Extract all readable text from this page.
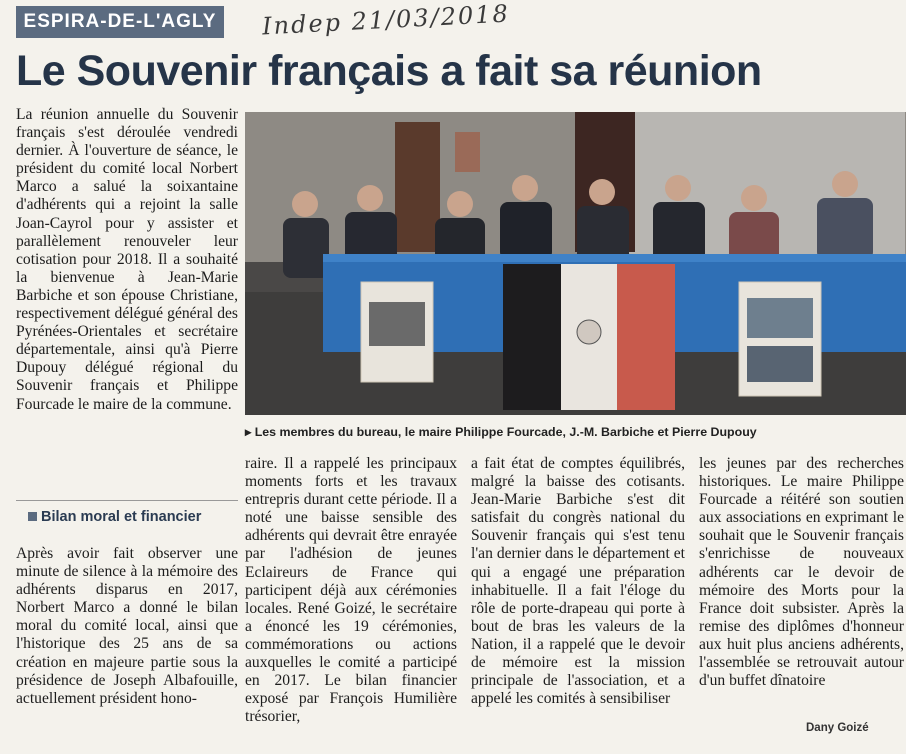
ESPIRA-DE-L'AGLY	Indep 21/03/2018
Le Souvenir français a fait sa réunion
La réunion annuelle du Souvenir français s'est déroulée vendredi dernier. À l'ouverture de séance, le président du comité local Norbert Marco a salué la soixantaine d'adhérents qui a rejoint la salle Joan-Cayrol pour y assister et parallèlement renouveler leur cotisation pour 2018. Il a souhaité la bienvenue à Jean-Marie Barbiche et son épouse Christiane, respectivement délégué général des Pyrénées-Orientales et secrétaire départementale, ainsi qu'à Pierre Dupouy délégué régional du Souvenir français et Philippe Fourcade le maire de la commune.
Bilan moral et financier
Après avoir fait observer une minute de silence à la mémoire des adhérents disparus en 2017, Norbert Marco a donné le bilan moral du comité local, ainsi que l'historique des 25 ans de sa création en majeure partie sous la présidence de Joseph Albafouille, actuellement président hono-
▸ Les membres du bureau, le maire Philippe Fourcade, J.-M. Barbiche et Pierre Dupouy
raire. Il a rappelé les principaux moments forts et les travaux entrepris durant cette période. Il a noté une baisse sensible des adhérents qui devrait être enrayée par l'adhésion de jeunes Eclaireurs de France qui participent déjà aux cérémonies locales. René Goizé, le secrétaire a énoncé les 19 cérémonies, commémorations ou actions auxquelles le comité a participé en 2017. Le bilan financier exposé par François Humilière trésorier,
a fait état de comptes équilibrés, malgré la baisse des cotisants. Jean-Marie Barbiche s'est dit satisfait du congrès national du Souvenir français qui s'est tenu l'an dernier dans le département et qui a engagé une préparation inhabituelle. Il a fait l'éloge du rôle de porte-drapeau qui porte à bout de bras les valeurs de la Nation, il a rappelé que le devoir de mémoire est la mission principale de l'association, et a appelé les comités à sensibiliser
les jeunes par des recherches historiques. Le maire Philippe Fourcade a réitéré son soutien aux associations en exprimant le souhait que le Souvenir français s'enrichisse de nouveaux adhérents car le devoir de mémoire des Morts pour la France doit subsister. Après la remise des diplômes d'honneur aux huit plus anciens adhérents, l'assemblée se retrouvait autour d'un buffet dînatoire
Dany Goizé
